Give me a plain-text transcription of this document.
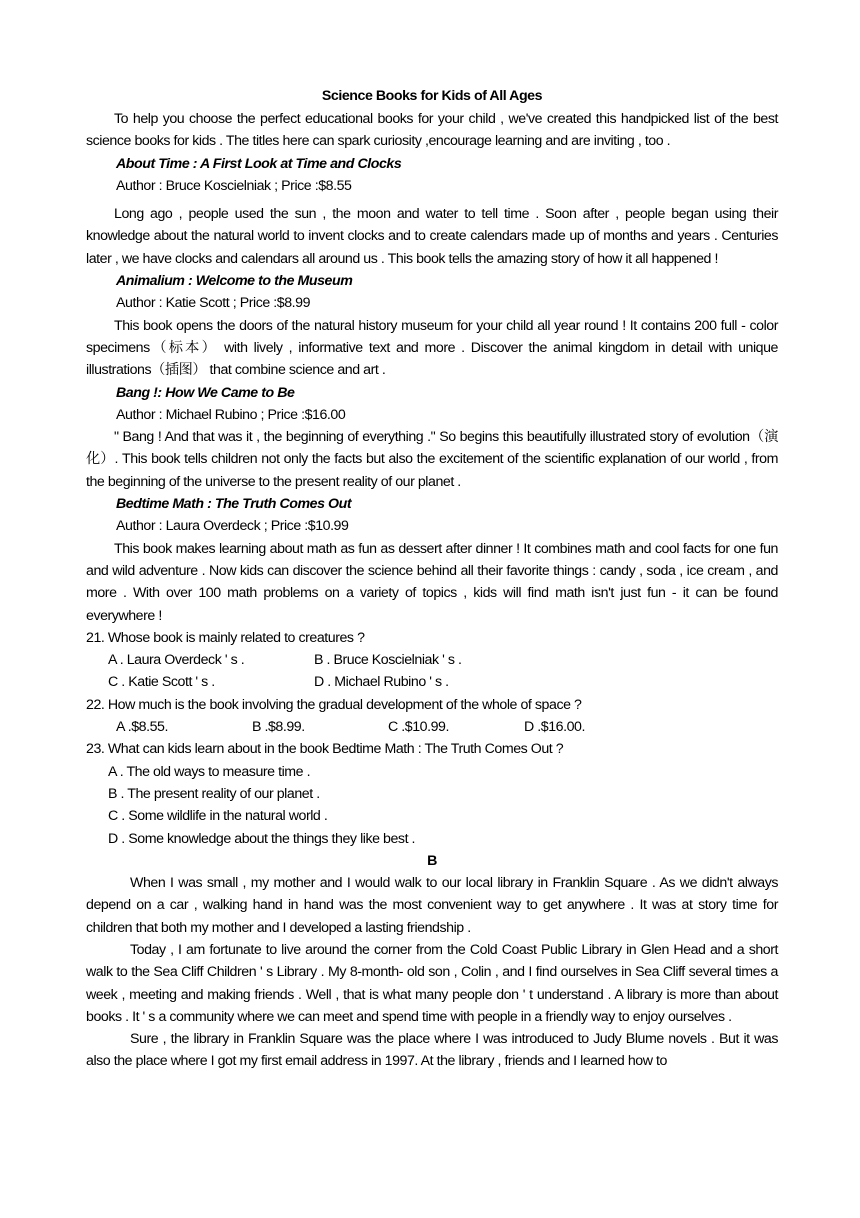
Science Books for Kids of All Ages

To help you choose the perfect educational books for your child , we've created this handpicked list of the best science books for kids . The titles here can spark curiosity ,encourage learning and are inviting , too .

About Time : A First Look at Time and Clocks
Author : Bruce Koscielniak ; Price :$8.55

Long ago , people used the sun , the moon and water to tell time . Soon after , people began using their knowledge about the natural world to invent clocks and to create calendars made up of months and years . Centuries later , we have clocks and calendars all around us . This book tells the amazing story of how it all happened !

Animalium : Welcome to the Museum
Author : Katie Scott ; Price :$8.99

This book opens the doors of the natural history museum for your child all year round ! It contains 200 full - color specimens（标本） with lively , informative text and more . Discover the animal kingdom in detail with unique illustrations（插图） that combine science and art .

Bang !: How We Came to Be
Author : Michael Rubino ; Price :$16.00

" Bang ! And that was it , the beginning of everything ." So begins this beautifully illustrated story of evolution（演化）. This book tells children not only the facts but also the excitement of the scientific explanation of our world , from the beginning of the universe to the present reality of our planet .

Bedtime Math : The Truth Comes Out
Author : Laura Overdeck ; Price :$10.99

This book makes learning about math as fun as dessert after dinner ! It combines math and cool facts for one fun and wild adventure . Now kids can discover the science behind all their favorite things : candy , soda , ice cream , and more . With over 100 math problems on a variety of topics , kids will find math isn't just fun - it can be found everywhere !

21. Whose book is mainly related to creatures ?
A . Laura Overdeck ' s .	B . Bruce Koscielniak ' s .
C . Katie Scott ' s .	D . Michael Rubino ' s .
22. How much is the book involving the gradual development of the whole of space ?
A .$8.55.	B .$8.99.	C .$10.99.	D .$16.00.
23. What can kids learn about in the book Bedtime Math : The Truth Comes Out ?
A . The old ways to measure time .
B . The present reality of our planet .
C . Some wildlife in the natural world .
D . Some knowledge about the things they like best .
B

When I was small , my mother and I would walk to our local library in Franklin Square . As we didn't always depend on a car , walking hand in hand was the most convenient way to get anywhere . It was at story time for children that both my mother and I developed a lasting friendship .

Today , I am fortunate to live around the corner from the Cold Coast Public Library in Glen Head and a short walk to the Sea Cliff Children ' s Library . My 8-month- old son , Colin , and I find ourselves in Sea Cliff several times a week , meeting and making friends . Well , that is what many people don ' t understand . A library is more than about books . It ' s a community where we can meet and spend time with people in a friendly way to enjoy ourselves .

Sure , the library in Franklin Square was the place where I was introduced to Judy Blume novels . But it was also the place where I got my first email address in 1997. At the library , friends and I learned how to
